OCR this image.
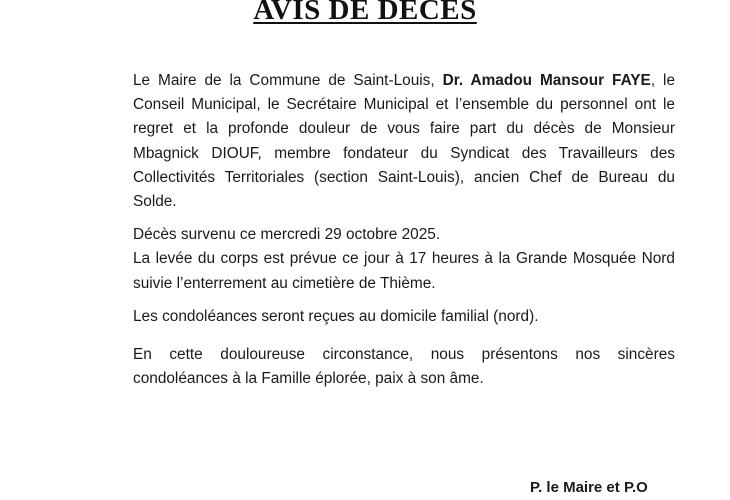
AVIS DE DECES

Le Maire de la Commune de Saint-Louis, Dr. Amadou Mansour FAYE, le Conseil Municipal, le Secrétaire Municipal et l’ensemble du personnel ont le regret et la profonde douleur de vous faire part du décès de Monsieur Mbagnick DIOUF, membre fondateur du Syndicat des Travailleurs des Collectivités Territoriales (section Saint-Louis), ancien Chef de Bureau du Solde.

Décès survenu ce mercredi 29 octobre 2025.

La levée du corps est prévue ce jour à 17 heures à la Grande Mosquée Nord suivie l’enterrement au cimetière de Thième.

Les condoléances seront reçues au domicile familial (nord).

En cette douloureuse circonstance, nous présentons nos sincères condoléances à la Famille éplorée, paix à son âme.

P. le Maire et P.O
